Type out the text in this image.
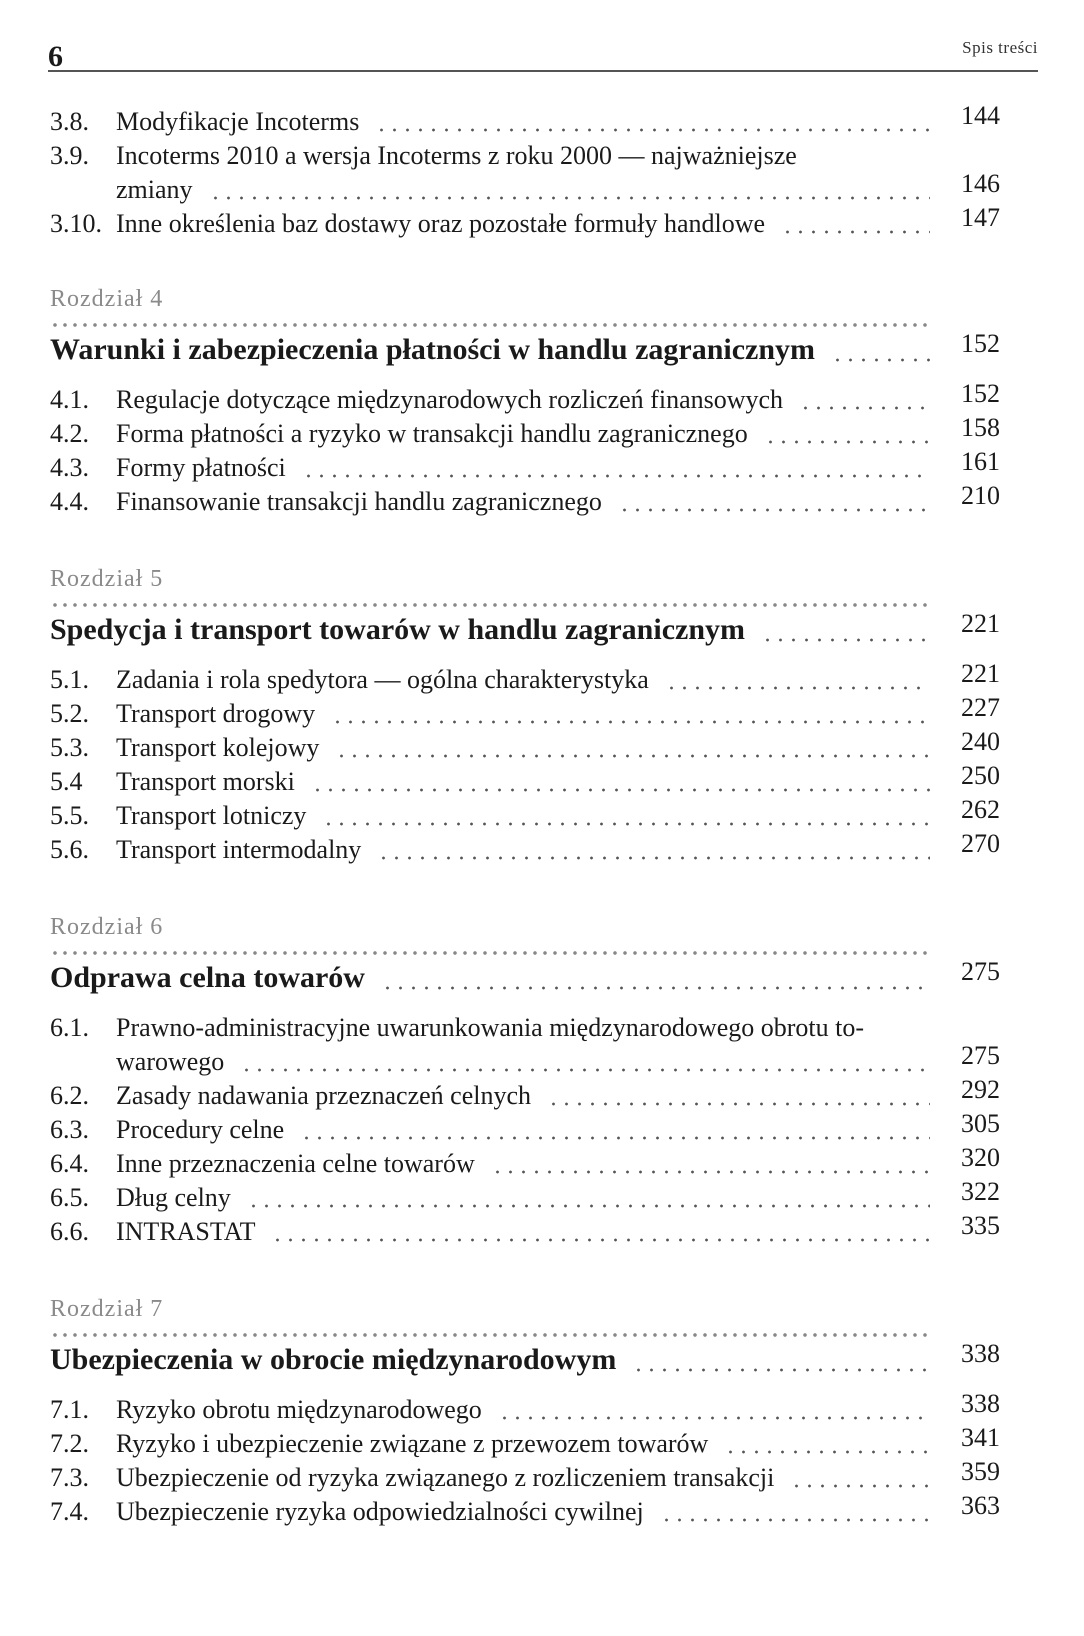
6	Spis treści
3.8. Modyfikacje Incoterms	144
3.9. Incoterms 2010 a wersja Incoterms z roku 2000 — najważniejsze
zmiany	146
3.10. Inne określenia baz dostawy oraz pozostałe formuły handlowe	147
Rozdział 4
Warunki i zabezpieczenia płatności w handlu zagranicznym	152
4.1. Regulacje dotyczące międzynarodowych rozliczeń finansowych	152
4.2. Forma płatności a ryzyko w transakcji handlu zagranicznego	158
4.3. Formy płatności	161
4.4. Finansowanie transakcji handlu zagranicznego	210
Rozdział 5
Spedycja i transport towarów w handlu zagranicznym	221
5.1. Zadania i rola spedytora — ogólna charakterystyka	221
5.2. Transport drogowy	227
5.3. Transport kolejowy	240
5.4 Transport morski	250
5.5. Transport lotniczy	262
5.6. Transport intermodalny	270
Rozdział 6
Odprawa celna towarów	275
6.1. Prawno-administracyjne uwarunkowania międzynarodowego obrotu to-
warowego	275
6.2. Zasady nadawania przeznaczeń celnych	292
6.3. Procedury celne	305
6.4. Inne przeznaczenia celne towarów	320
6.5. Dług celny	322
6.6. INTRASTAT	335
Rozdział 7
Ubezpieczenia w obrocie międzynarodowym	338
7.1. Ryzyko obrotu międzynarodowego	338
7.2. Ryzyko i ubezpieczenie związane z przewozem towarów	341
7.3. Ubezpieczenie od ryzyka związanego z rozliczeniem transakcji	359
7.4. Ubezpieczenie ryzyka odpowiedzialności cywilnej	363
